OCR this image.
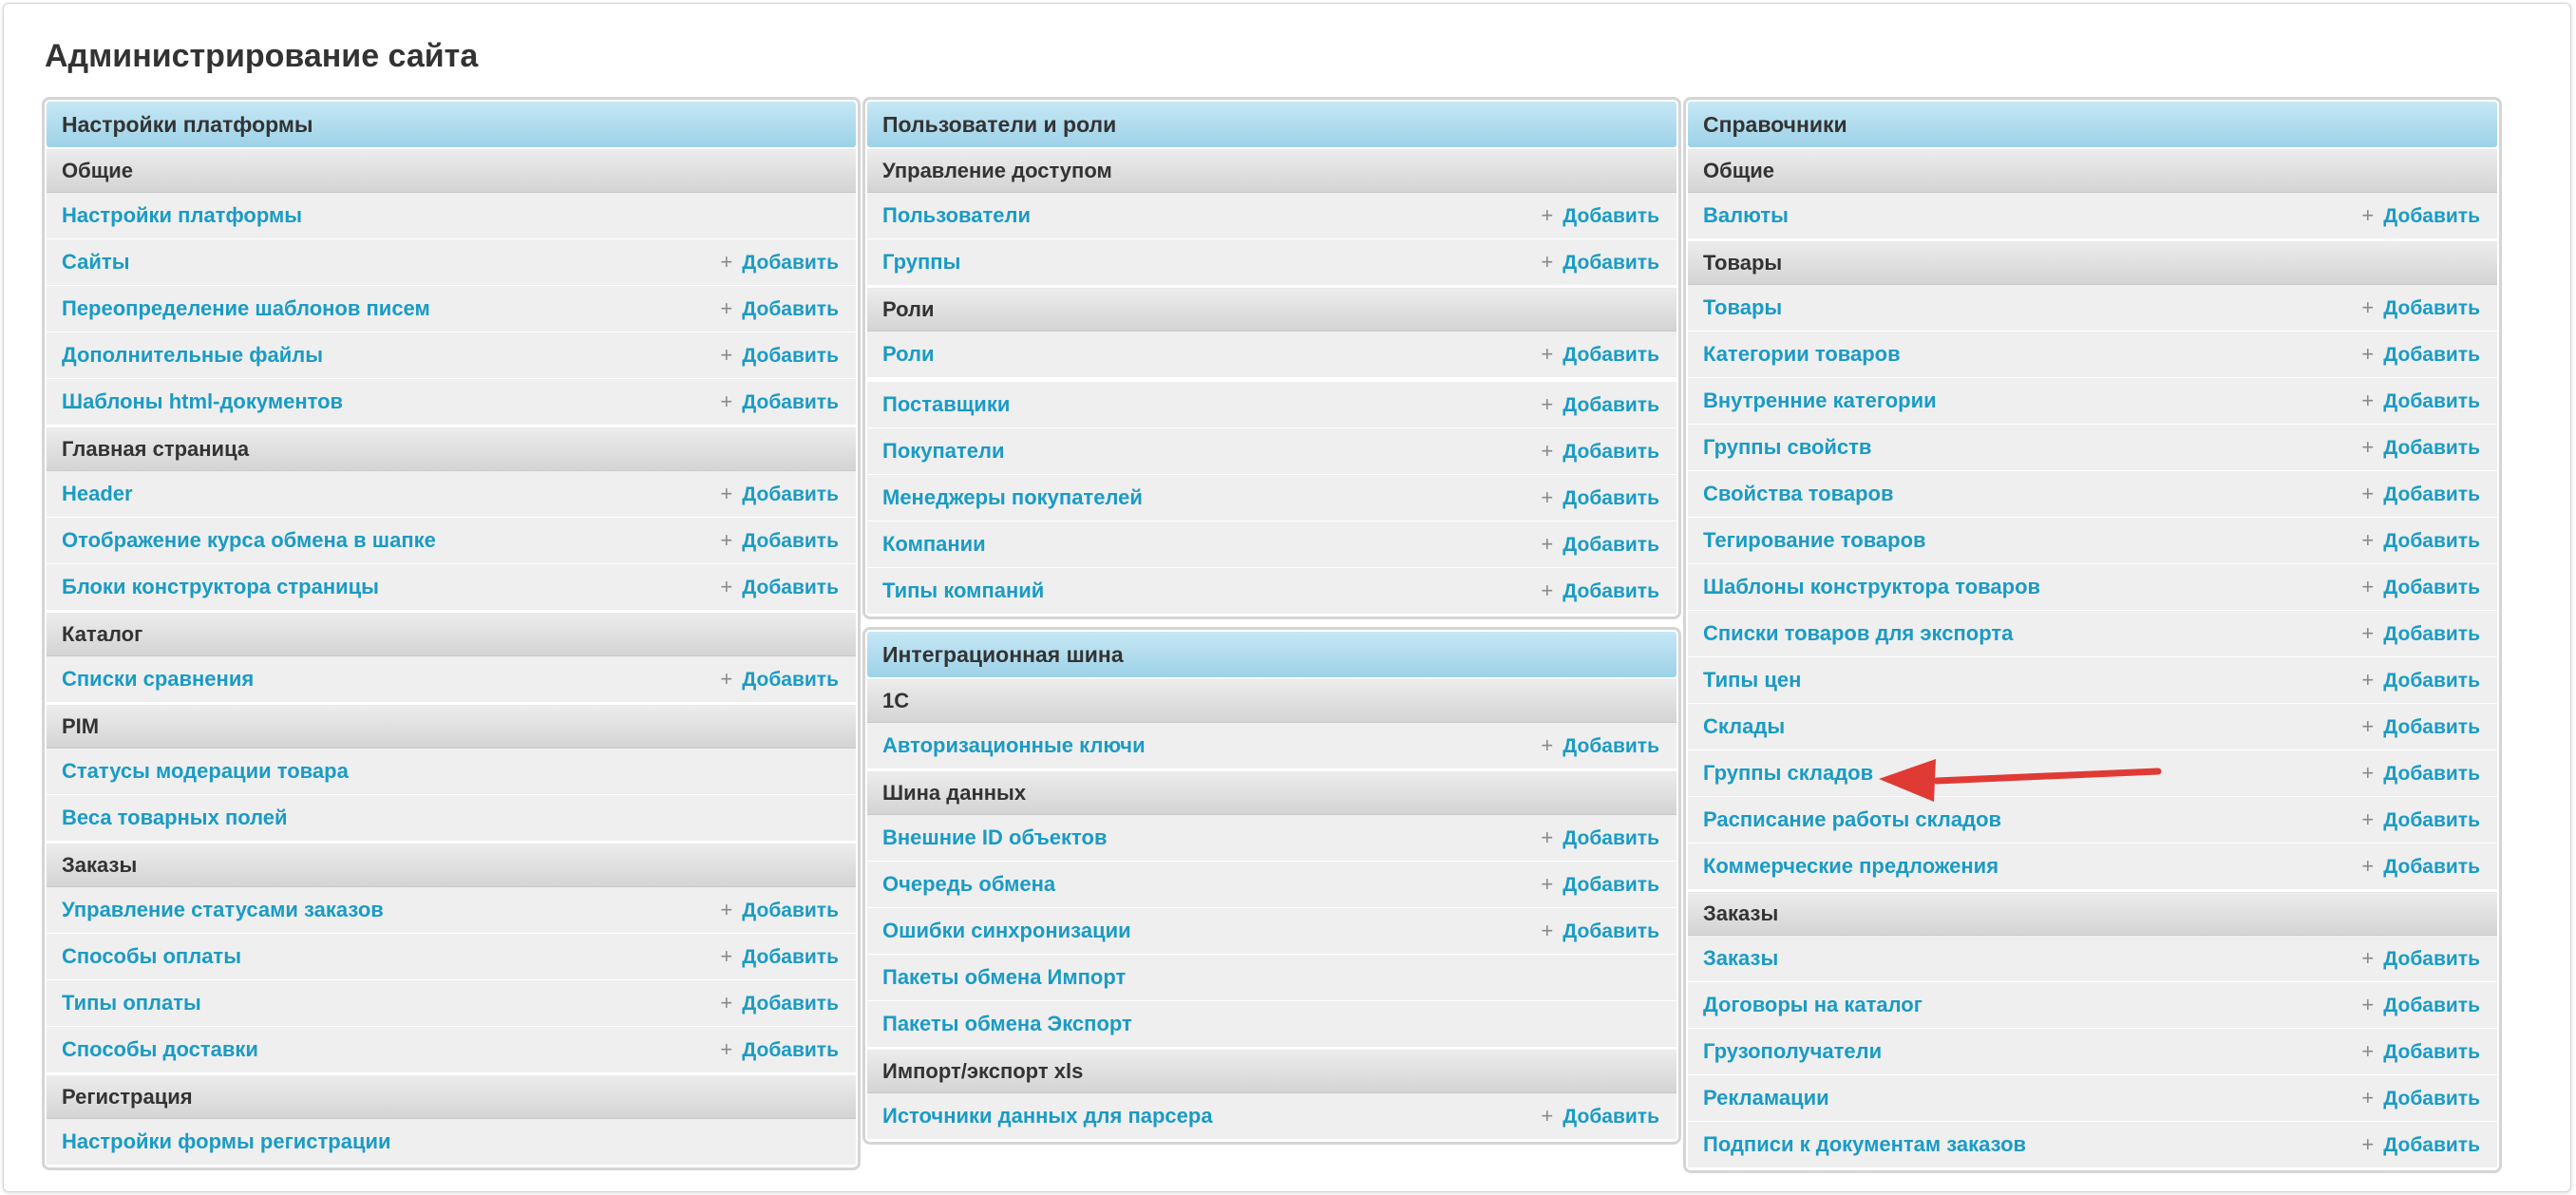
Администрирование сайта
Настройки платформы
Общие
Настройки платформы
Сайты	+ Добавить
Переопределение шаблонов писем	+ Добавить
Дополнительные файлы	+ Добавить
Шаблоны html-документов	+ Добавить
Главная страница
Header	+ Добавить
Отображение курса обмена в шапке	+ Добавить
Блоки конструктора страницы	+ Добавить
Каталог
Списки сравнения	+ Добавить
PIM
Статусы модерации товара
Веса товарных полей
Заказы
Управление статусами заказов	+ Добавить
Способы оплаты	+ Добавить
Типы оплаты	+ Добавить
Способы доставки	+ Добавить
Регистрация
Настройки формы регистрации
Пользователи и роли
Управление доступом
Пользователи	+ Добавить
Группы	+ Добавить
Роли
Роли	+ Добавить
Поставщики	+ Добавить
Покупатели	+ Добавить
Менеджеры покупателей	+ Добавить
Компании	+ Добавить
Типы компаний	+ Добавить
Интеграционная шина
1С
Авторизационные ключи	+ Добавить
Шина данных
Внешние ID объектов	+ Добавить
Очередь обмена	+ Добавить
Ошибки синхронизации	+ Добавить
Пакеты обмена Импорт
Пакеты обмена Экспорт
Импорт/экспорт xls
Источники данных для парсера	+ Добавить
Справочники
Общие
Валюты	+ Добавить
Товары
Товары	+ Добавить
Категории товаров	+ Добавить
Внутренние категории	+ Добавить
Группы свойств	+ Добавить
Свойства товаров	+ Добавить
Тегирование товаров	+ Добавить
Шаблоны конструктора товаров	+ Добавить
Списки товаров для экспорта	+ Добавить
Типы цен	+ Добавить
Склады	+ Добавить
Группы складов	+ Добавить
Расписание работы складов	+ Добавить
Коммерческие предложения	+ Добавить
Заказы
Заказы	+ Добавить
Договоры на каталог	+ Добавить
Грузополучатели	+ Добавить
Рекламации	+ Добавить
Подписи к документам заказов	+ Добавить
